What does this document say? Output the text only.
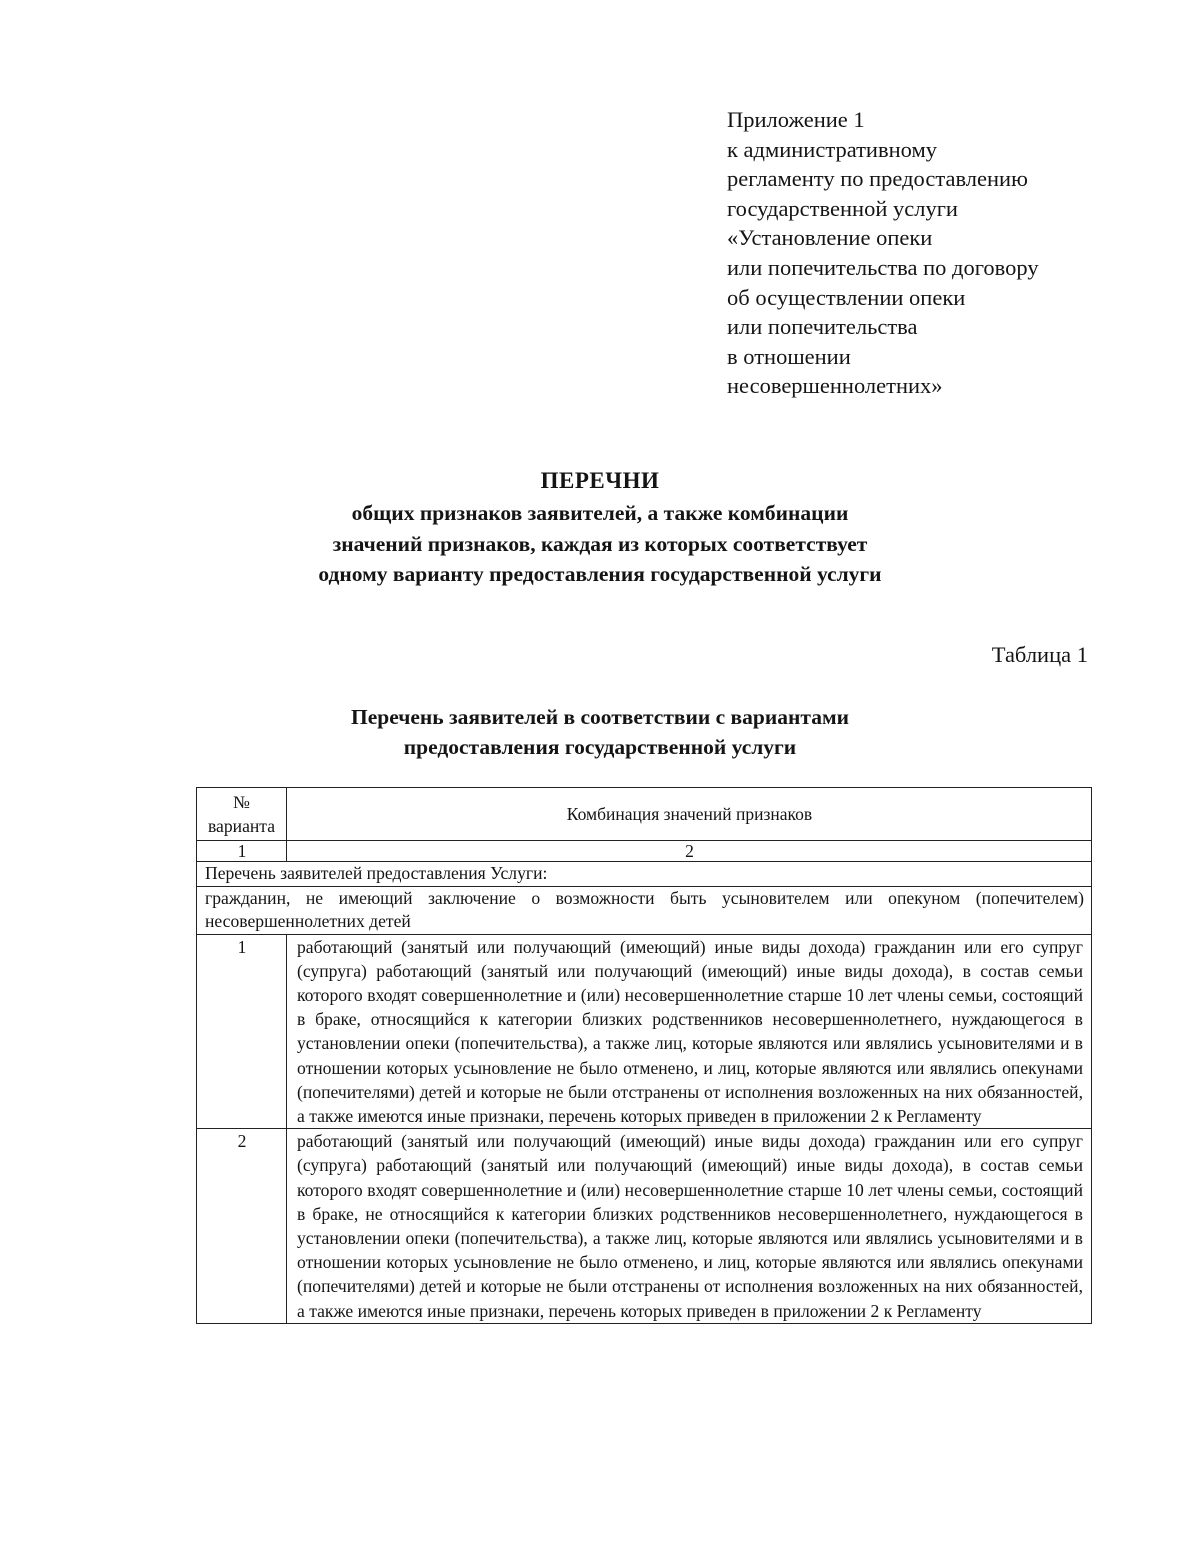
Приложение 1
к административному
регламенту по предоставлению
государственной услуги
«Установление опеки
или попечительства по договору
об осуществлении опеки
или попечительства
в отношении
несовершеннолетних»
ПЕРЕЧНИ
общих признаков заявителей, а также комбинации
значений признаков, каждая из которых соответствует
одному варианту предоставления государственной услуги
Таблица 1
Перечень заявителей в соответствии с вариантами
предоставления государственной услуги
№ варианта	Комбинация значений признаков
1	2
Перечень заявителей предоставления Услуги:	
гражданин, не имеющий заключение о возможности быть усыновителем или опекуном (попечителем) несовершеннолетних детей	
1	работающий (занятый или получающий (имеющий) иные виды дохода) гражданин или его супруг (супруга) работающий (занятый или получающий (имеющий) иные виды дохода), в состав семьи которого входят совершеннолетние и (или) несовершеннолетние старше 10 лет члены семьи, состоящий в браке, относящийся к категории близких родственников несовершеннолетнего, нуждающегося в установлении опеки (попечительства), а также лиц, которые являются или являлись усыновителями и в отношении которых усыновление не было отменено, и лиц, которые являются или являлись опекунами (попечителями) детей и которые не были отстранены от исполнения возложенных на них обязанностей, а также имеются иные признаки, перечень которых приведен в приложении 2 к Регламенту
2	работающий (занятый или получающий (имеющий) иные виды дохода) гражданин или его супруг (супруга) работающий (занятый или получающий (имеющий) иные виды дохода), в состав семьи которого входят совершеннолетние и (или) несовершеннолетние старше 10 лет члены семьи, состоящий в браке, не относящийся к категории близких родственников несовершеннолетнего, нуждающегося в установлении опеки (попечительства), а также лиц, которые являются или являлись усыновителями и в отношении которых усыновление не было отменено, и лиц, которые являются или являлись опекунами (попечителями) детей и которые не были отстранены от исполнения возложенных на них обязанностей, а также имеются иные признаки, перечень которых приведен в приложении 2 к Регламенту
